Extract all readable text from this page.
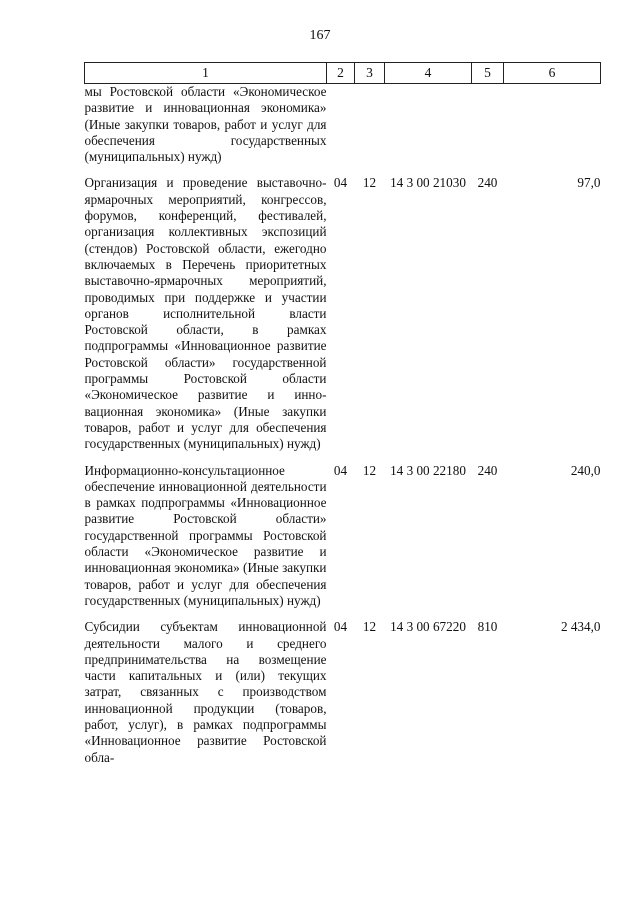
167
1	2	3	4	5	6
мы Ростовской области «Экономическое развитие и инновационная экономика» (Иные закупки товаров, работ и услуг для обеспечения государственных (муниципальных) нужд)					

Организация и проведение выставочно-ярмарочных мероприятий, конгрессов, форумов, конференций, фестивалей, организация коллективных экспозиций (стендов) Ростовской области, ежегодно включаемых в Перечень приоритетных выставочно-ярмарочных мероприятий, проводимых при поддержке и участии органов исполнительной власти Ростовской области, в рамках подпрограммы «Инновационное развитие Ростовской области» государственной программы Ростовской области «Экономическое развитие и инновационная экономика» (Иные закупки товаров, работ и услуг для обеспечения государственных (муниципальных) нужд)	04	12	14 3 00 21030	240	97,0

Информационно-консультационное обеспечение инновационной деятельности в рамках подпрограммы «Инновационное развитие Ростовской области» государственной программы Ростовской области «Экономическое развитие и инновационная экономика» (Иные закупки товаров, работ и услуг для обеспечения государственных (муниципальных) нужд)	04	12	14 3 00 22180	240	240,0

Субсидии субъектам инновационной деятельности малого и среднего предпринимательства на возмещение части капитальных и (или) текущих затрат, связанных с производством инновационной продукции (товаров, работ, услуг), в рамках подпрограммы «Инновационное развитие Ростовской обла-	04	12	14 3 00 67220	810	2 434,0
